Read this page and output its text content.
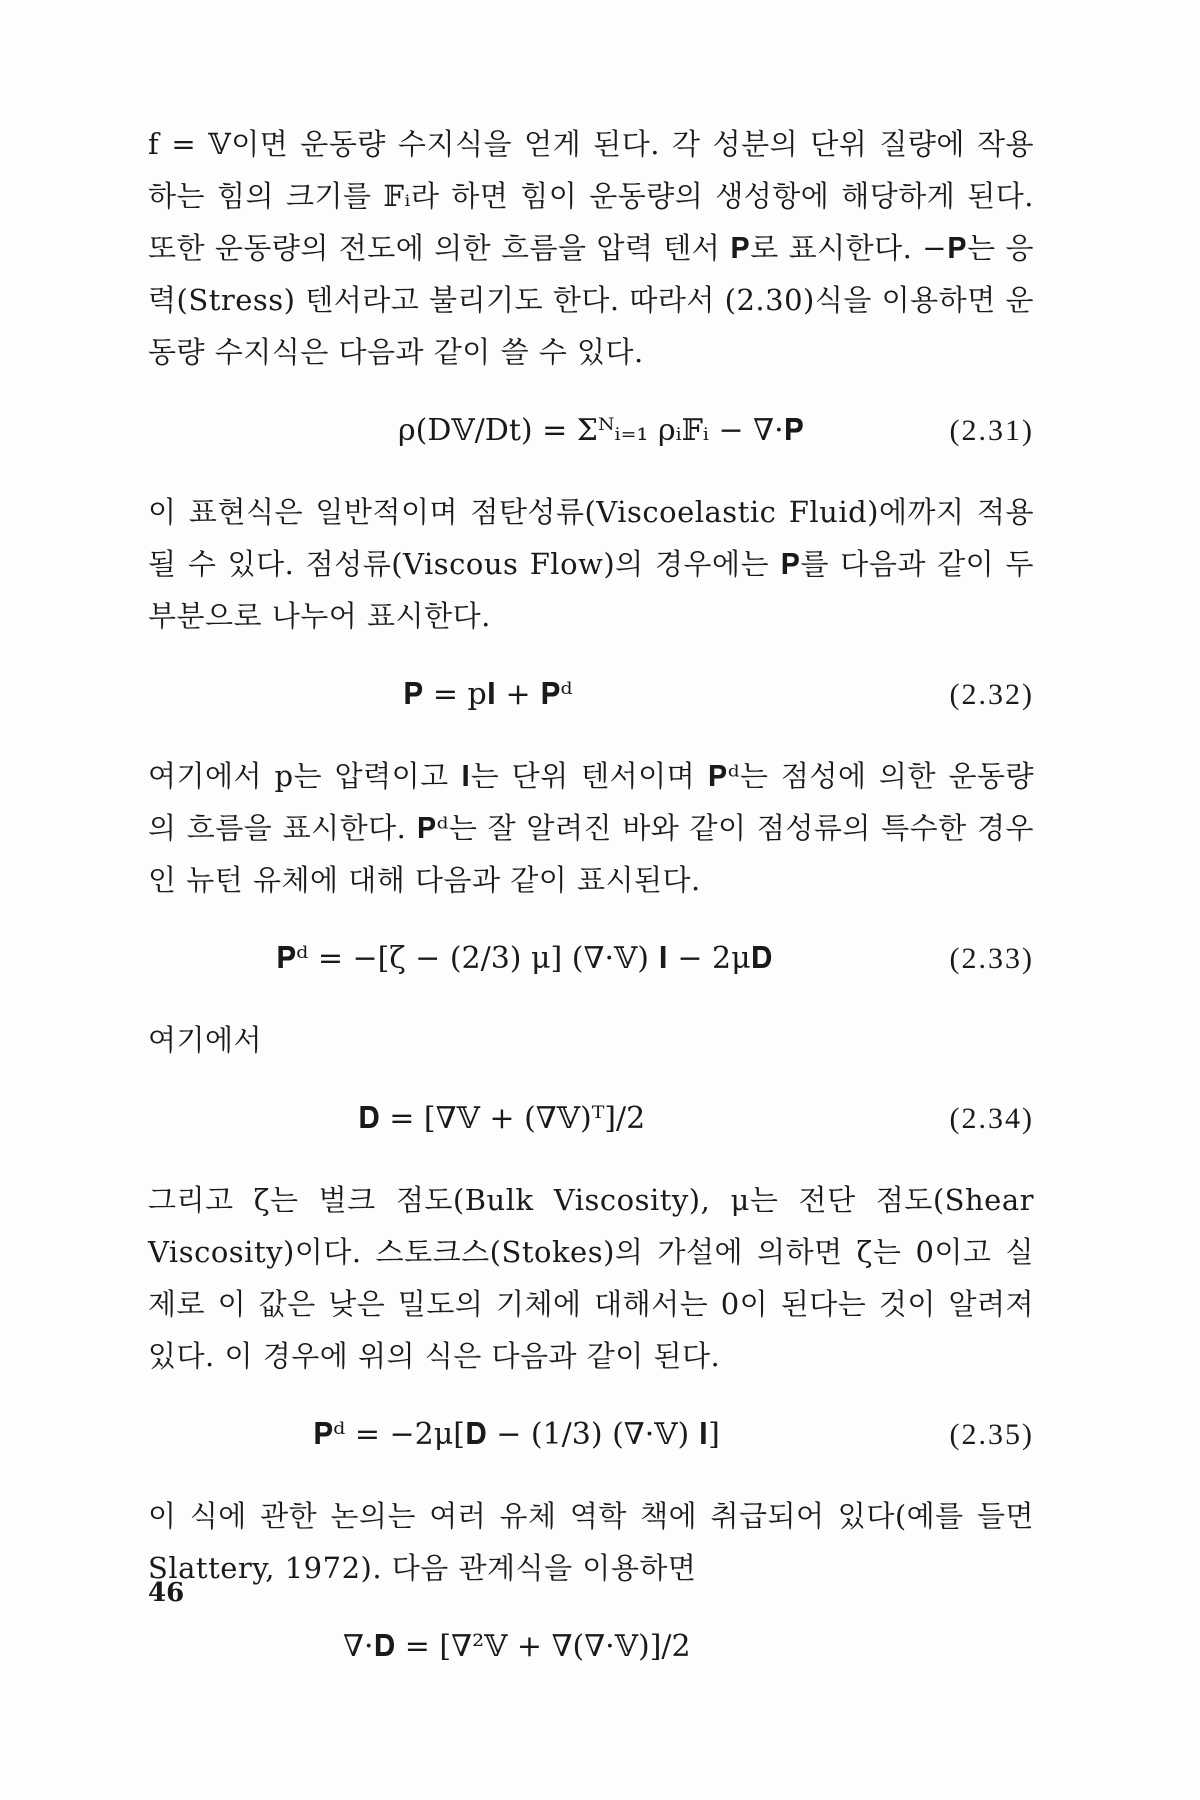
f = 𝕍이면 운동량 수지식을 얻게 된다. 각 성분의 단위 질량에 작용하는 힘의 크기를 𝔽ᵢ라 하면 힘이 운동량의 생성항에 해당하게 된다. 또한 운동량의 전도에 의한 흐름을 압력 텐서 𝐏로 표시한다. −𝐏는 응력(Stress) 텐서라고 불리기도 한다. 따라서 (2.30)식을 이용하면 운동량 수지식은 다음과 같이 쓸 수 있다.

ρ(D𝕍/Dt) = Σᴺᵢ₌₁ ρᵢ𝔽ᵢ − ∇·𝐏	(2.31)

이 표현식은 일반적이며 점탄성류(Viscoelastic Fluid)에까지 적용될 수 있다. 점성류(Viscous Flow)의 경우에는 𝐏를 다음과 같이 두 부분으로 나누어 표시한다.

𝐏 = p𝐈 + 𝐏ᵈ	(2.32)

여기에서 p는 압력이고 𝐈는 단위 텐서이며 𝐏ᵈ는 점성에 의한 운동량의 흐름을 표시한다. 𝐏ᵈ는 잘 알려진 바와 같이 점성류의 특수한 경우인 뉴턴 유체에 대해 다음과 같이 표시된다.

𝐏ᵈ = −[ζ − (2/3) μ] (∇·𝕍) 𝐈 − 2μ𝐃	(2.33)

여기에서

𝐃 = [∇𝕍 + (∇𝕍)ᵀ]/2	(2.34)

그리고 ζ는 벌크 점도(Bulk Viscosity), μ는 전단 점도(Shear Viscosity)이다. 스토크스(Stokes)의 가설에 의하면 ζ는 0이고 실제로 이 값은 낮은 밀도의 기체에 대해서는 0이 된다는 것이 알려져 있다. 이 경우에 위의 식은 다음과 같이 된다.

𝐏ᵈ = −2μ[𝐃 − (1/3) (∇·𝕍) 𝐈]	(2.35)

이 식에 관한 논의는 여러 유체 역학 책에 취급되어 있다(예를 들면 Slattery, 1972). 다음 관계식을 이용하면

∇·𝐃 = [∇²𝕍 + ∇(∇·𝕍)]/2
46
